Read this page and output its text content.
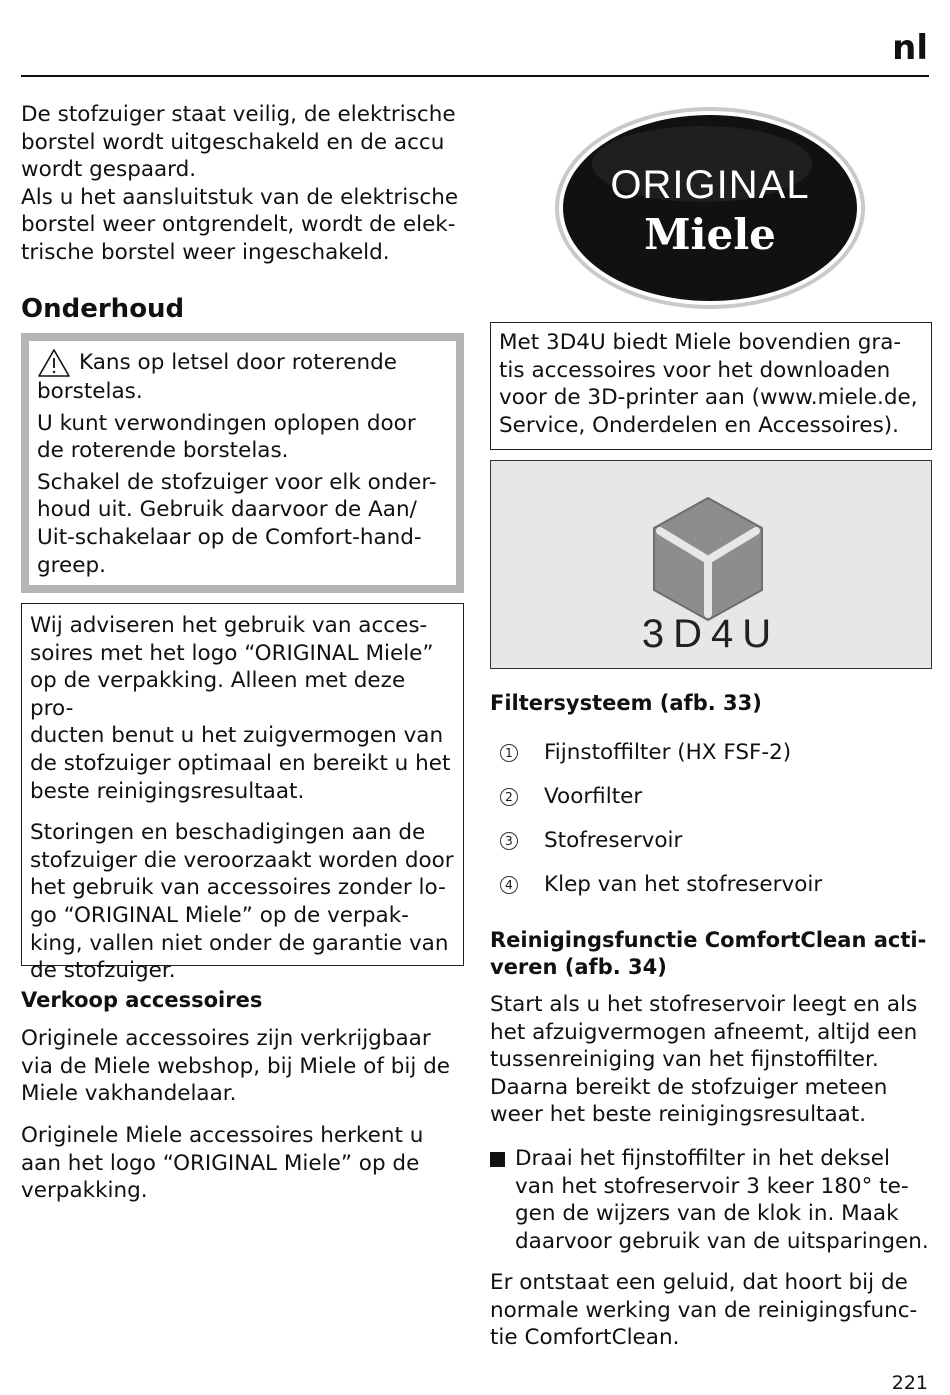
nl

De stofzuiger staat veilig, de elektrische

borstel wordt uitgeschakeld en de accu

wordt gespaard.

Als u het aansluitstuk van de elektrische

borstel weer ontgrendelt, wordt de elek-

trische borstel weer ingeschakeld.

Onderhoud

Kans op letsel door roterende

borstelas.

U kunt verwondingen oplopen door

de roterende borstelas.

Schakel de stofzuiger voor elk onder-

houd uit. Gebruik daarvoor de Aan/

Uit-schakelaar op de Comfort-hand-

greep.

Wij adviseren het gebruik van acces-

soires met het logo “ORIGINAL Miele”

op de verpakking. Alleen met deze pro-

ducten benut u het zuigvermogen van

de stofzuiger optimaal en bereikt u het

beste reinigingsresultaat.

Storingen en beschadigingen aan de

stofzuiger die veroorzaakt worden door

het gebruik van accessoires zonder lo-

go “ORIGINAL Miele” op de verpak-

king, vallen niet onder de garantie van

de stofzuiger.

Verkoop accessoires

Originele accessoires zijn verkrijgbaar

via de Miele webshop, bij Miele of bij de

Miele vakhandelaar.

Originele Miele accessoires herkent u

aan het logo “ORIGINAL Miele” op de

verpakking.

ORIGINAL
Miele

Met 3D4U biedt Miele bovendien gra-

tis accessoires voor het downloaden

voor de 3D-printer aan (www.miele.de,

Service, Onderdelen en Accessoires).

3D4U
Filtersysteem (afb. 33)
1 Fijnstoffilter (HX FSF-2)
2 Voorfilter
3 Stofreservoir
4 Klep van het stofreservoir

Reinigingsfunctie ComfortClean acti-

veren (afb. 34)

Start als u het stofreservoir leegt en als

het afzuigvermogen afneemt, altijd een

tussenreiniging van het fijnstoffilter.

Daarna bereikt de stofzuiger meteen

weer het beste reinigingsresultaat.

Draai het fijnstoffilter in het deksel

van het stofreservoir 3 keer 180° te-

gen de wijzers van de klok in. Maak

daarvoor gebruik van de uitsparingen.

Er ontstaat een geluid, dat hoort bij de

normale werking van de reinigingsfunc-

tie ComfortClean.

221
